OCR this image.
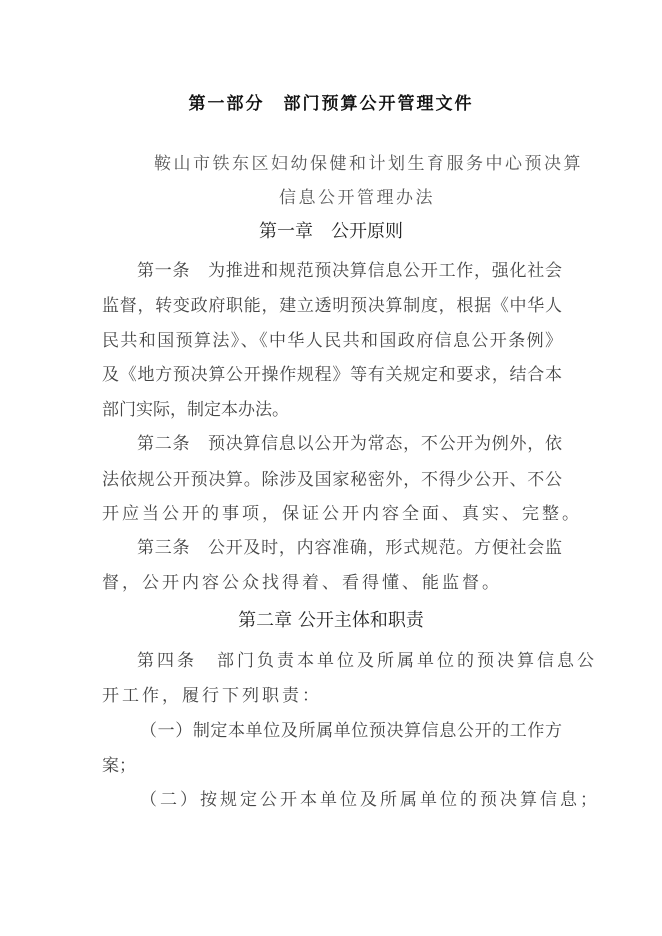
第一部分　部门预算公开管理文件
鞍山市铁东区妇幼保健和计划生育服务中心预决算
信息公开管理办法
第一章　公开原则
第一条　为推进和规范预决算信息公开工作，强化社会
监督，转变政府职能，建立透明预决算制度，根据《中华人
民共和国预算法》、《中华人民共和国政府信息公开条例》
及《地方预决算公开操作规程》等有关规定和要求，结合本
部门实际，制定本办法。
第二条　预决算信息以公开为常态，不公开为例外，依
法依规公开预决算。除涉及国家秘密外，不得少公开、不公
开应当公开的事项，保证公开内容全面、真实、完整。
第三条　公开及时，内容准确，形式规范。方便社会监
督，公开内容公众找得着、看得懂、能监督。
第二章 公开主体和职责
第四条　部门负责本单位及所属单位的预决算信息公
开工作，履行下列职责：
（一）制定本单位及所属单位预决算信息公开的工作方
案；
（二）按规定公开本单位及所属单位的预决算信息；
